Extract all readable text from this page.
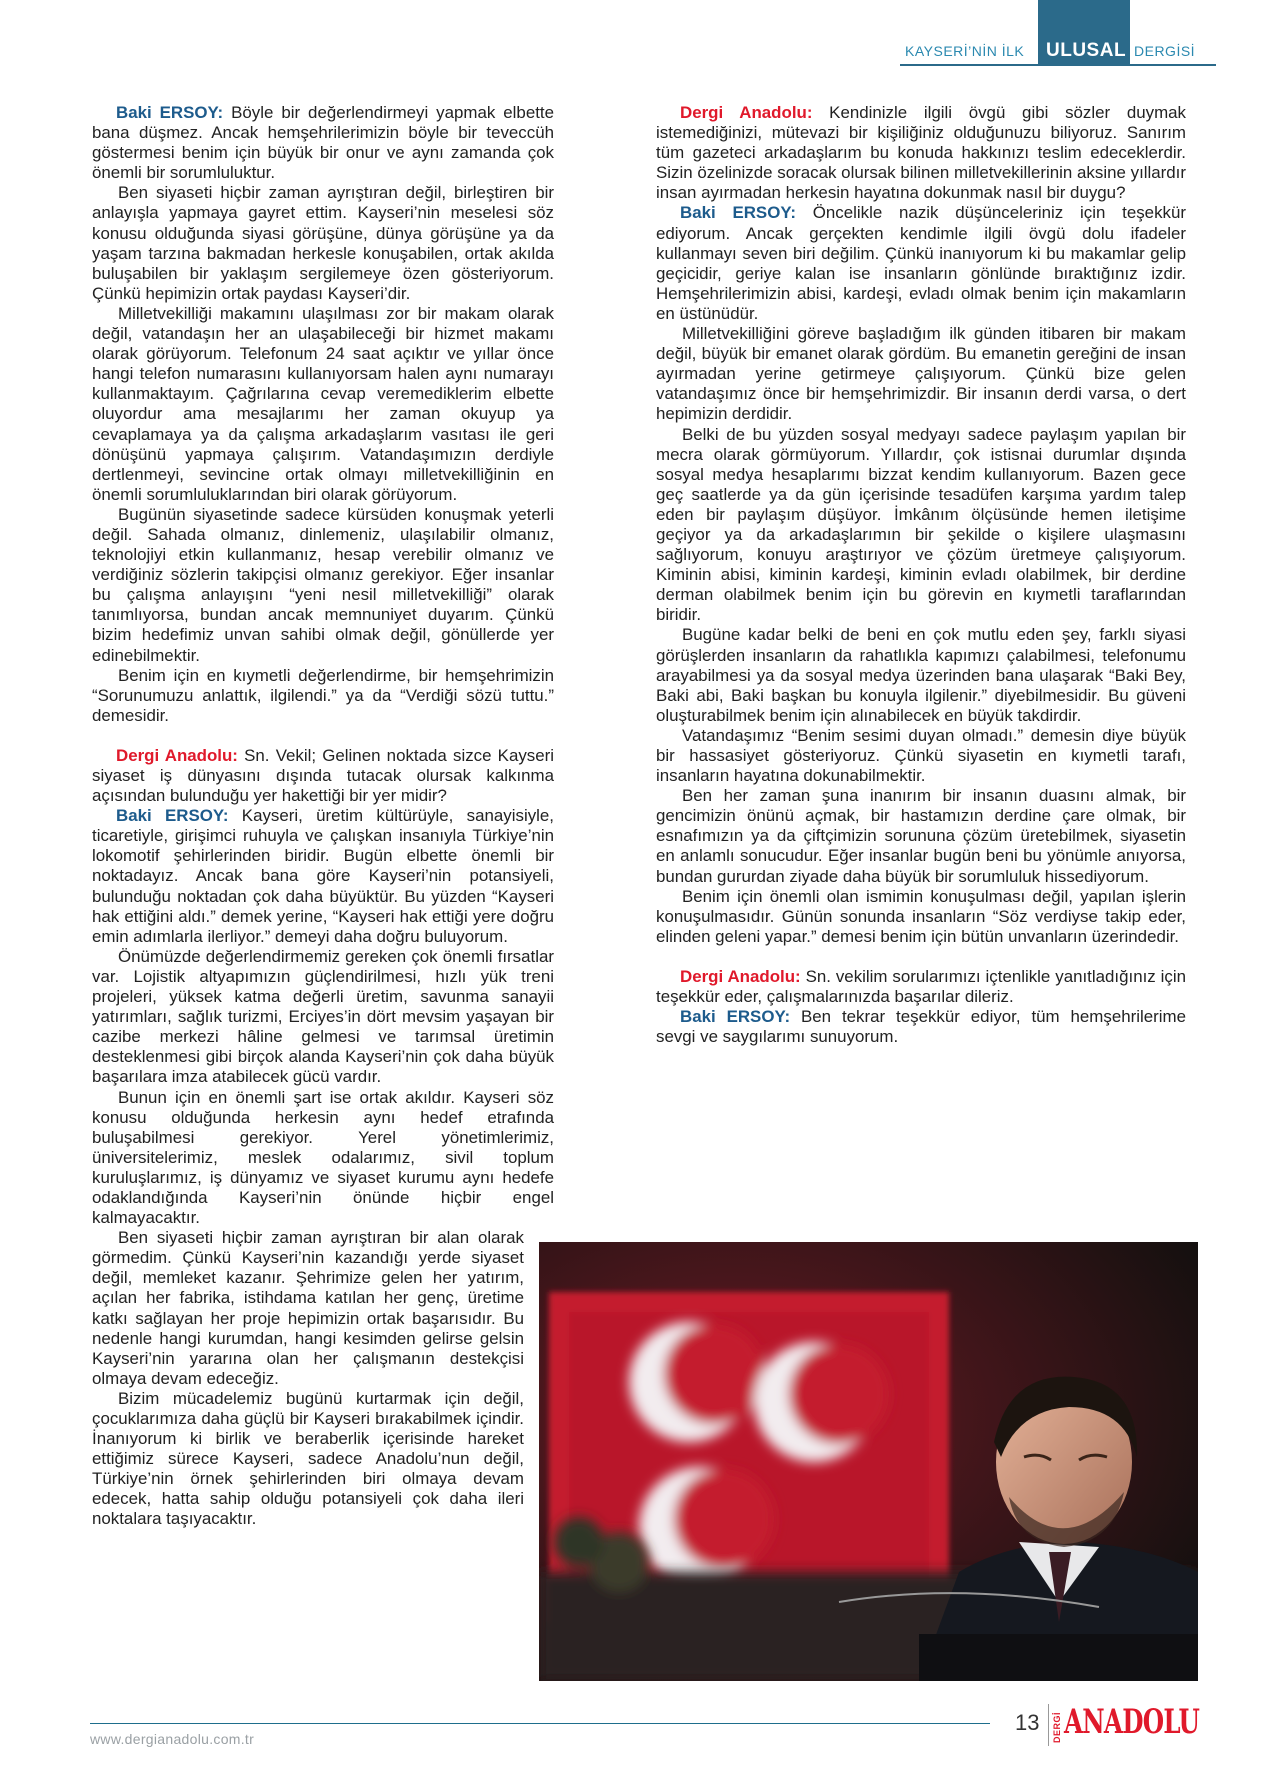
KAYSERİ’NİN İLK ULUSAL DERGİSİ

Baki ERSOY: Böyle bir değerlendirmeyi yapmak elbette bana düşmez. Ancak hemşehrilerimizin böyle bir teveccüh göstermesi benim için büyük bir onur ve aynı zamanda çok önemli bir sorumluluktur.

Ben siyaseti hiçbir zaman ayrıştıran değil, birleştiren bir anlayışla yapmaya gayret ettim. Kayseri’nin meselesi söz konusu olduğunda siyasi görüşüne, dünya görüşüne ya da yaşam tarzına bakmadan herkesle konuşabilen, ortak akılda buluşabilen bir yaklaşım sergilemeye özen gösteriyorum. Çünkü hepimizin ortak paydası Kayseri’dir.

Milletvekilliği makamını ulaşılması zor bir makam olarak değil, vatandaşın her an ulaşabileceği bir hizmet makamı olarak görüyorum. Telefonum 24 saat açıktır ve yıllar önce hangi telefon numarasını kullanıyorsam halen aynı numarayı kullanmaktayım. Çağrılarına cevap veremediklerim elbette oluyordur ama mesajlarımı her zaman okuyup ya cevaplamaya ya da çalışma arkadaşlarım vasıtası ile geri dönüşünü yapmaya çalışırım. Vatandaşımızın derdiyle dertlenmeyi, sevincine ortak olmayı milletvekilliğinin en önemli sorumluluklarından biri olarak görüyorum.

Bugünün siyasetinde sadece kürsüden konuşmak yeterli değil. Sahada olmanız, dinlemeniz, ulaşılabilir olmanız, teknolojiyi etkin kullanmanız, hesap verebilir olmanız ve verdiğiniz sözlerin takipçisi olmanız gerekiyor. Eğer insanlar bu çalışma anlayışını “yeni nesil milletvekilliği” olarak tanımlıyorsa, bundan ancak memnuniyet duyarım. Çünkü bizim hedefimiz unvan sahibi olmak değil, gönüllerde yer edinebilmektir.

Benim için en kıymetli değerlendirme, bir hemşehrimizin “Sorunumuzu anlattık, ilgilendi.” ya da “Verdiği sözü tuttu.” demesidir.

Dergi Anadolu: Sn. Vekil; Gelinen noktada sizce Kayseri siyaset iş dünyasını dışında tutacak olursak kalkınma açısından bulunduğu yer hakettiği bir yer midir?

Baki ERSOY: Kayseri, üretim kültürüyle, sanayisiyle, ticaretiyle, girişimci ruhuyla ve çalışkan insanıyla Türkiye’nin lokomotif şehirlerinden biridir. Bugün elbette önemli bir noktadayız. Ancak bana göre Kayseri’nin potansiyeli, bulunduğu noktadan çok daha büyüktür. Bu yüzden “Kayseri hak ettiğini aldı.” demek yerine, “Kayseri hak ettiği yere doğru emin adımlarla ilerliyor.” demeyi daha doğru buluyorum.

Önümüzde değerlendirmemiz gereken çok önemli fırsatlar var. Lojistik altyapımızın güçlendirilmesi, hızlı yük treni projeleri, yüksek katma değerli üretim, savunma sanayii yatırımları, sağlık turizmi, Erciyes’in dört mevsim yaşayan bir cazibe merkezi hâline gelmesi ve tarımsal üretimin desteklenmesi gibi birçok alanda Kayseri’nin çok daha büyük başarılara imza atabilecek gücü vardır.

Bunun için en önemli şart ise ortak akıldır. Kayseri söz konusu olduğunda herkesin aynı hedef etrafında buluşabilmesi gerekiyor. Yerel yönetimlerimiz, üniversitelerimiz, meslek odalarımız, sivil toplum kuruluşlarımız, iş dünyamız ve siyaset kurumu aynı hedefe odaklandığında Kayseri’nin önünde hiçbir engel kalmayacaktır.

Ben siyaseti hiçbir zaman ayrıştıran bir alan olarak görmedim. Çünkü Kayseri’nin kazandığı yerde siyaset değil, memleket kazanır. Şehrimize gelen her yatırım, açılan her fabrika, istihdama katılan her genç, üretime katkı sağlayan her proje hepimizin ortak başarısıdır. Bu nedenle hangi kurumdan, hangi kesimden gelirse gelsin Kayseri’nin yararına olan her çalışmanın destekçisi olmaya devam edeceğiz.

Bizim mücadelemiz bugünü kurtarmak için değil, çocuklarımıza daha güçlü bir Kayseri bırakabilmek içindir. İnanıyorum ki birlik ve beraberlik içerisinde hareket ettiğimiz sürece Kayseri, sadece Anadolu’nun değil, Türkiye’nin örnek şehirlerinden biri olmaya devam edecek, hatta sahip olduğu potansiyeli çok daha ileri noktalara taşıyacaktır.

Dergi Anadolu: Kendinizle ilgili övgü gibi sözler duymak istemediğinizi, mütevazi bir kişiliğiniz olduğunuzu biliyoruz. Sanırım tüm gazeteci arkadaşlarım bu konuda hakkınızı teslim edeceklerdir. Sizin özelinizde soracak olursak bilinen milletvekillerinin aksine yıllardır insan ayırmadan herkesin hayatına dokunmak nasıl bir duygu?

Baki ERSOY: Öncelikle nazik düşünceleriniz için teşekkür ediyorum. Ancak gerçekten kendimle ilgili övgü dolu ifadeler kullanmayı seven biri değilim. Çünkü inanıyorum ki bu makamlar gelip geçicidir, geriye kalan ise insanların gönlünde bıraktığınız izdir. Hemşehrilerimizin abisi, kardeşi, evladı olmak benim için makamların en üstünüdür.

Milletvekilliğini göreve başladığım ilk günden itibaren bir makam değil, büyük bir emanet olarak gördüm. Bu emanetin gereğini de insan ayırmadan yerine getirmeye çalışıyorum. Çünkü bize gelen vatandaşımız önce bir hemşehrimizdir. Bir insanın derdi varsa, o dert hepimizin derdidir.

Belki de bu yüzden sosyal medyayı sadece paylaşım yapılan bir mecra olarak görmüyorum. Yıllardır, çok istisnai durumlar dışında sosyal medya hesaplarımı bizzat kendim kullanıyorum. Bazen gece geç saatlerde ya da gün içerisinde tesadüfen karşıma yardım talep eden bir paylaşım düşüyor. İmkânım ölçüsünde hemen iletişime geçiyor ya da arkadaşlarımın bir şekilde o kişilere ulaşmasını sağlıyorum, konuyu araştırıyor ve çözüm üretmeye çalışıyorum. Kiminin abisi, kiminin kardeşi, kiminin evladı olabilmek, bir derdine derman olabilmek benim için bu görevin en kıymetli taraflarından biridir.

Bugüne kadar belki de beni en çok mutlu eden şey, farklı siyasi görüşlerden insanların da rahatlıkla kapımızı çalabilmesi, telefonumu arayabilmesi ya da sosyal medya üzerinden bana ulaşarak “Baki Bey, Baki abi, Baki başkan bu konuyla ilgilenir.” diyebilmesidir. Bu güveni oluşturabilmek benim için alınabilecek en büyük takdirdir.

Vatandaşımız “Benim sesimi duyan olmadı.” demesin diye büyük bir hassasiyet gösteriyoruz. Çünkü siyasetin en kıymetli tarafı, insanların hayatına dokunabilmektir.

Ben her zaman şuna inanırım bir insanın duasını almak, bir gencimizin önünü açmak, bir hastamızın derdine çare olmak, bir esnafımızın ya da çiftçimizin sorununa çözüm üretebilmek, siyasetin en anlamlı sonucudur. Eğer insanlar bugün beni bu yönümle anıyorsa, bundan gururdan ziyade daha büyük bir sorumluluk hissediyorum.

Benim için önemli olan ismimin konuşulması değil, yapılan işlerin konuşulmasıdır. Günün sonunda insanların “Söz verdiyse takip eder, elinden geleni yapar.” demesi benim için bütün unvanların üzerindedir.

Dergi Anadolu: Sn. vekilim sorularımızı içtenlikle yanıtladığınız için teşekkür eder, çalışmalarınızda başarılar dileriz.

Baki ERSOY: Ben tekrar teşekkür ediyor, tüm hemşehrilerime sevgi ve saygılarımı sunuyorum.

www.dergianadolu.com.tr
13 DERGİ ANADOLU
